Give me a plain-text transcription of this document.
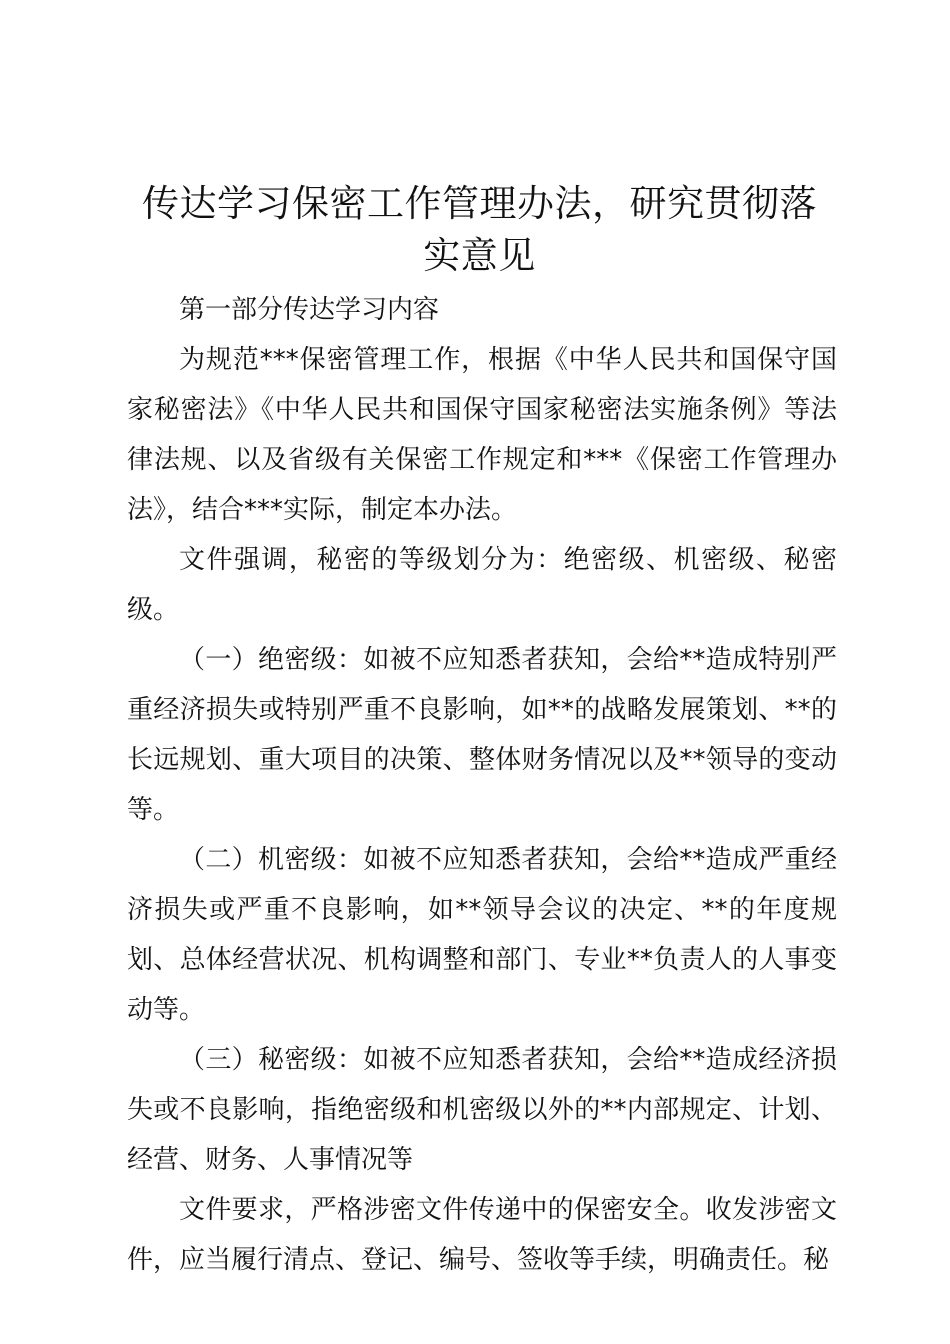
传达学习保密工作管理办法，研究贯彻落实意见

第一部分传达学习内容

为规范***保密管理工作，根据《中华人民共和国保守国家秘密法》《中华人民共和国保守国家秘密法实施条例》等法律法规、以及省级有关保密工作规定和***《保密工作管理办法》，结合***实际，制定本办法。

文件强调，秘密的等级划分为：绝密级、机密级、秘密级。

（一）绝密级：如被不应知悉者获知，会给**造成特别严重经济损失或特别严重不良影响，如**的战略发展策划、**的长远规划、重大项目的决策、整体财务情况以及**领导的变动等。

（二）机密级：如被不应知悉者获知，会给**造成严重经济损失或严重不良影响，如**领导会议的决定、**的年度规划、总体经营状况、机构调整和部门、专业**负责人的人事变动等。

（三）秘密级：如被不应知悉者获知，会给**造成经济损失或不良影响，指绝密级和机密级以外的**内部规定、计划、经营、财务、人事情况等

文件要求，严格涉密文件传递中的保密安全。收发涉密文件，应当履行清点、登记、编号、签收等手续，明确责任。秘
